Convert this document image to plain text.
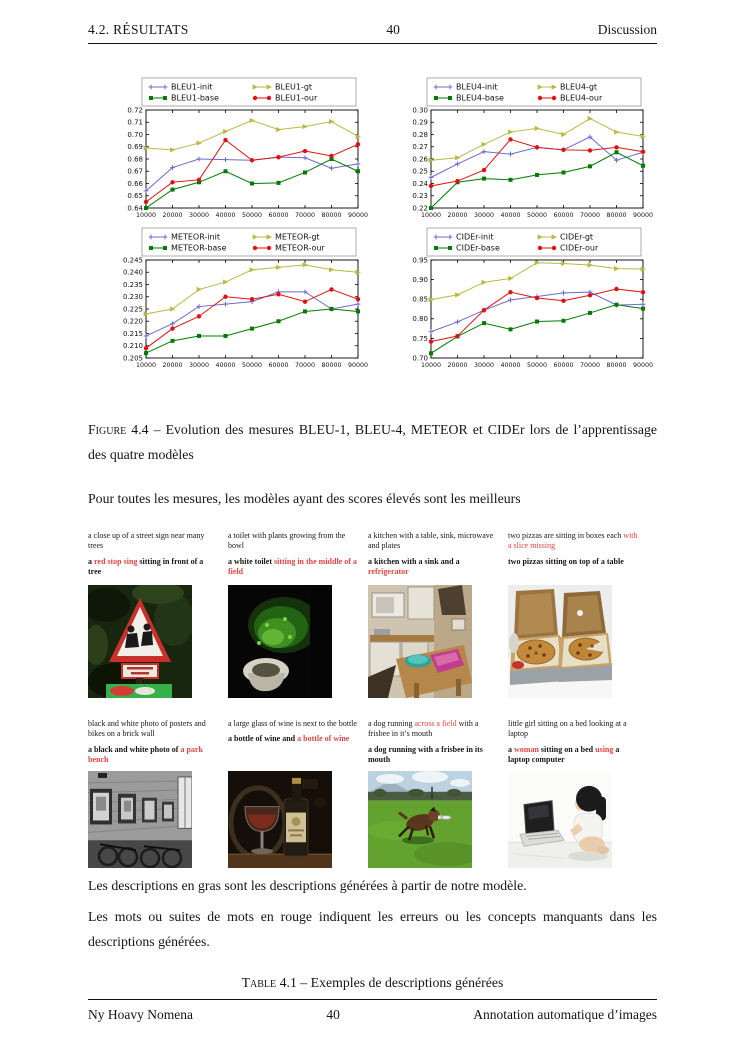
4.2. RÉSULTATS	40	Discussion
0.64
0.65
0.66
0.67
0.68
0.69
0.70
0.71
0.72
10000 20000 30000 40000 50000 60000 70000 80000 90000
BLEU1-init
BLEU1-base
BLEU1-gt
BLEU1-our
0.22
0.23
0.24
0.25
0.26
0.27
0.28
0.29
0.30
10000 20000 30000 40000 50000 60000 70000 80000 90000
BLEU4-init
BLEU4-base
BLEU4-gt
BLEU4-our
0.205
0.210
0.215
0.220
0.225
0.230
0.235
0.240
0.245
10000 20000 30000 40000 50000 60000 70000 80000 90000
METEOR-init
METEOR-base
METEOR-gt
METEOR-our
0.70
0.75
0.80
0.85
0.90
0.95
10000 20000 30000 40000 50000 60000 70000 80000 90000
CIDEr-init
CIDEr-base
CIDEr-gt
CIDEr-our

Figure 4.4 – Evolution des mesures BLEU-1, BLEU-4, METEOR et CIDEr lors de l’apprentissage des quatre modèles

Pour toutes les mesures, les modèles ayant des scores élevés sont les meilleurs

a close up of a street sign near many trees

a red stop sing sitting in front of a tree

a toilet with plants growing from the bowl

a white toilet sitting in the middle of a field

a kitchen with a table, sink, microwave and plates

a kitchen with a sink and a refrigerator

two pizzas are sitting in boxes each with a slice missing

two pizzas sitting on top of a table

black and white photo of posters and bikes on a brick wall

a black and white photo of a park bench

a large glass of wine is next to the bottle

a bottle of wine and a bottle of wine

a dog running across a field with a frisbee in it’s mouth

a dog running with a frisbee in its mouth

little girl sitting on a bed looking at a laptop

a woman sitting on a bed using a laptop computer

Les descriptions en gras sont les descriptions générées à partir de notre modèle.

Les mots ou suites de mots en rouge indiquent les erreurs ou les concepts manquants dans les descriptions générées.

Table 4.1 – Exemples de descriptions générées

Ny Hoavy Nomena	40	Annotation automatique d’images
